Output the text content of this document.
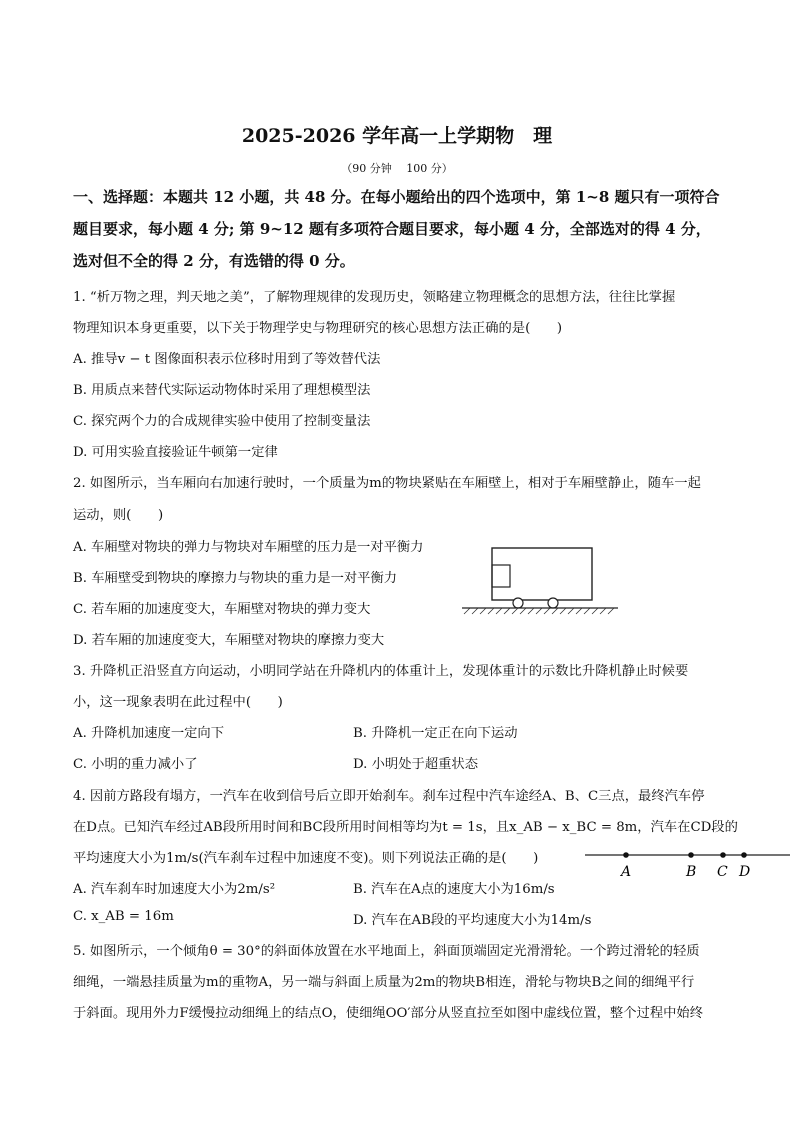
2025-2026 学年高一上学期物　理
（90 分钟　 100 分）
一、选择题：本题共 12 小题，共 48 分。在每小题给出的四个选项中，第 1~8 题只有一项符合题目要求，每小题 4 分; 第 9~12 题有多项符合题目要求，每小题 4 分，全部选对的得 4 分，选对但不全的得 2 分，有选错的得 0 分。
1. “析万物之理，判天地之美”，了解物理规律的发现历史，领略建立物理概念的思想方法，往往比掌握
物理知识本身更重要，以下关于物理学史与物理研究的核心思想方法正确的是(　　)
A. 推导v − t 图像面积表示位移时用到了等效替代法
B. 用质点来替代实际运动物体时采用了理想模型法
C. 探究两个力的合成规律实验中使用了控制变量法
D. 可用实验直接验证牛顿第一定律
2. 如图所示，当车厢向右加速行驶时，一个质量为m的物块紧贴在车厢壁上，相对于车厢壁静止，随车一起
运动，则(　　)
A. 车厢壁对物块的弹力与物块对车厢壁的压力是一对平衡力
B. 车厢壁受到物块的摩擦力与物块的重力是一对平衡力
C. 若车厢的加速度变大，车厢壁对物块的弹力变大
D. 若车厢的加速度变大，车厢壁对物块的摩擦力变大
3. 升降机正沿竖直方向运动，小明同学站在升降机内的体重计上，发现体重计的示数比升降机静止时候要
小，这一现象表明在此过程中(　　)
A. 升降机加速度一定向下	B. 升降机一定正在向下运动
C. 小明的重力减小了	D. 小明处于超重状态
4. 因前方路段有塌方，一汽车在收到信号后立即开始刹车。刹车过程中汽车途经A、B、C三点，最终汽车停
在D点。已知汽车经过AB段所用时间和BC段所用时间相等均为t = 1s，且x_AB − x_BC = 8m，汽车在CD段的
平均速度大小为1m/s(汽车刹车过程中加速度不变)。则下列说法正确的是(　　)
A. 汽车刹车时加速度大小为2m/s²	B. 汽车在A点的速度大小为16m/s
C. x_AB = 16m	D. 汽车在AB段的平均速度大小为14m/s
A	B C D
5. 如图所示，一个倾角θ = 30°的斜面体放置在水平地面上，斜面顶端固定光滑滑轮。一个跨过滑轮的轻质
细绳，一端悬挂质量为m的重物A，另一端与斜面上质量为2m的物块B相连，滑轮与物块B之间的细绳平行
于斜面。现用外力F缓慢拉动细绳上的结点O，使细绳OO′部分从竖直拉至如图中虚线位置，整个过程中始终
